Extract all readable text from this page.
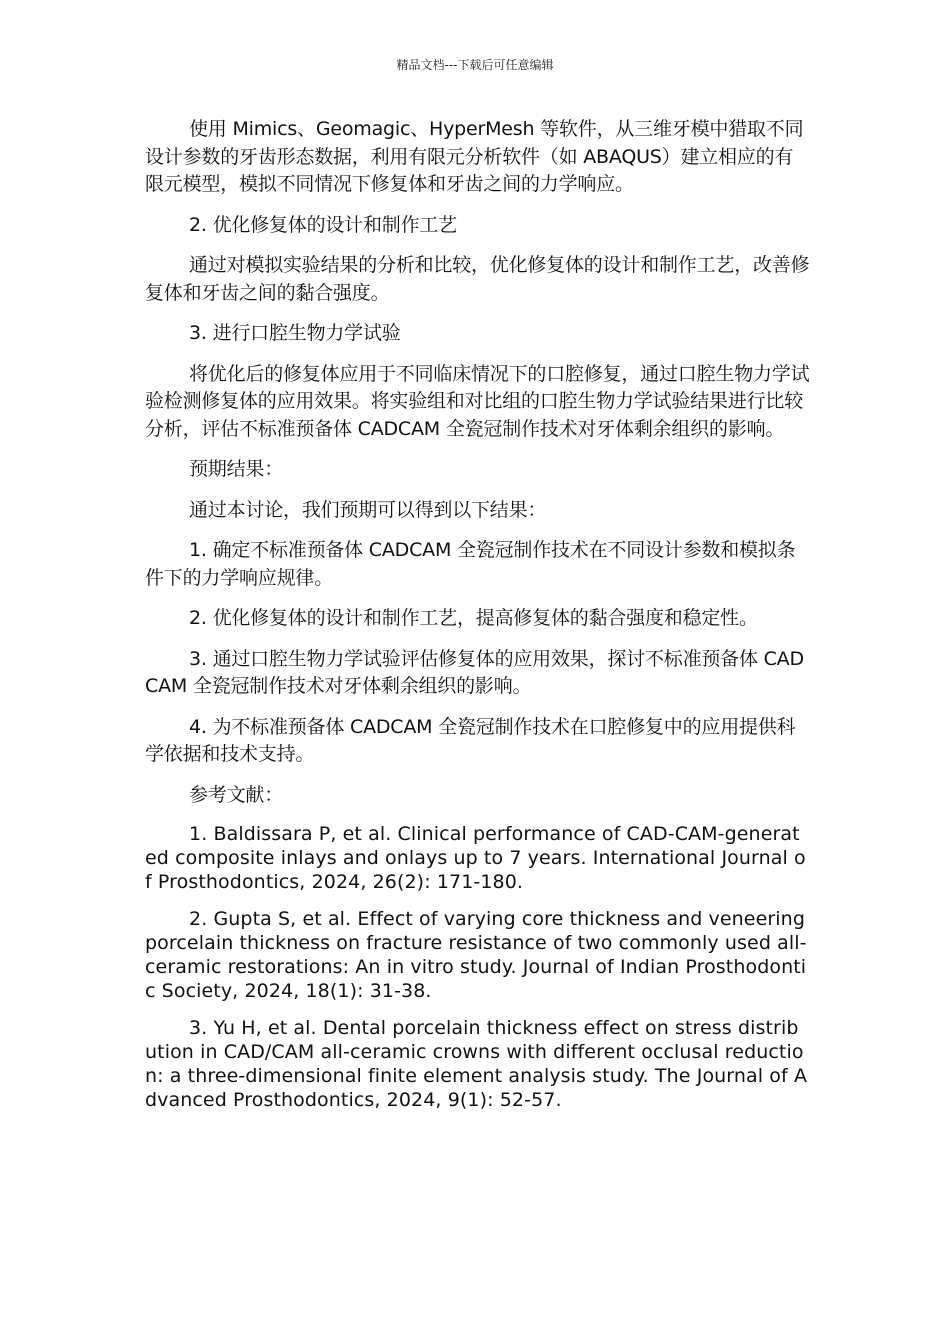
精品文档---下载后可任意编辑

使用 Mimics、Geomagic、HyperMesh 等软件，从三维牙模中猎取不同设计参数的牙齿形态数据，利用有限元分析软件（如 ABAQUS）建立相应的有限元模型，模拟不同情况下修复体和牙齿之间的力学响应。

2. 优化修复体的设计和制作工艺

通过对模拟实验结果的分析和比较，优化修复体的设计和制作工艺，改善修复体和牙齿之间的黏合强度。

3. 进行口腔生物力学试验

将优化后的修复体应用于不同临床情况下的口腔修复，通过口腔生物力学试验检测修复体的应用效果。将实验组和对比组的口腔生物力学试验结果进行比较分析，评估不标准预备体 CADCAM 全瓷冠制作技术对牙体剩余组织的影响。

预期结果：

通过本讨论，我们预期可以得到以下结果：

1. 确定不标准预备体 CADCAM 全瓷冠制作技术在不同设计参数和模拟条件下的力学响应规律。

2. 优化修复体的设计和制作工艺，提高修复体的黏合强度和稳定性。

3. 通过口腔生物力学试验评估修复体的应用效果，探讨不标准预备体 CADCAM 全瓷冠制作技术对牙体剩余组织的影响。

4. 为不标准预备体 CADCAM 全瓷冠制作技术在口腔修复中的应用提供科学依据和技术支持。

参考文献：

1. Baldissara P, et al. Clinical performance of CAD-CAM-generated composite inlays and onlays up to 7 years. International Journal of Prosthodontics, 2024, 26(2): 171-180.

2. Gupta S, et al. Effect of varying core thickness and veneering porcelain thickness on fracture resistance of two commonly used all-ceramic restorations: An in vitro study. Journal of Indian Prosthodontic Society, 2024, 18(1): 31-38.

3. Yu H, et al. Dental porcelain thickness effect on stress distribution in CAD/CAM all-ceramic crowns with different occlusal reduction: a three-dimensional finite element analysis study. The Journal of Advanced Prosthodontics, 2024, 9(1): 52-57.
